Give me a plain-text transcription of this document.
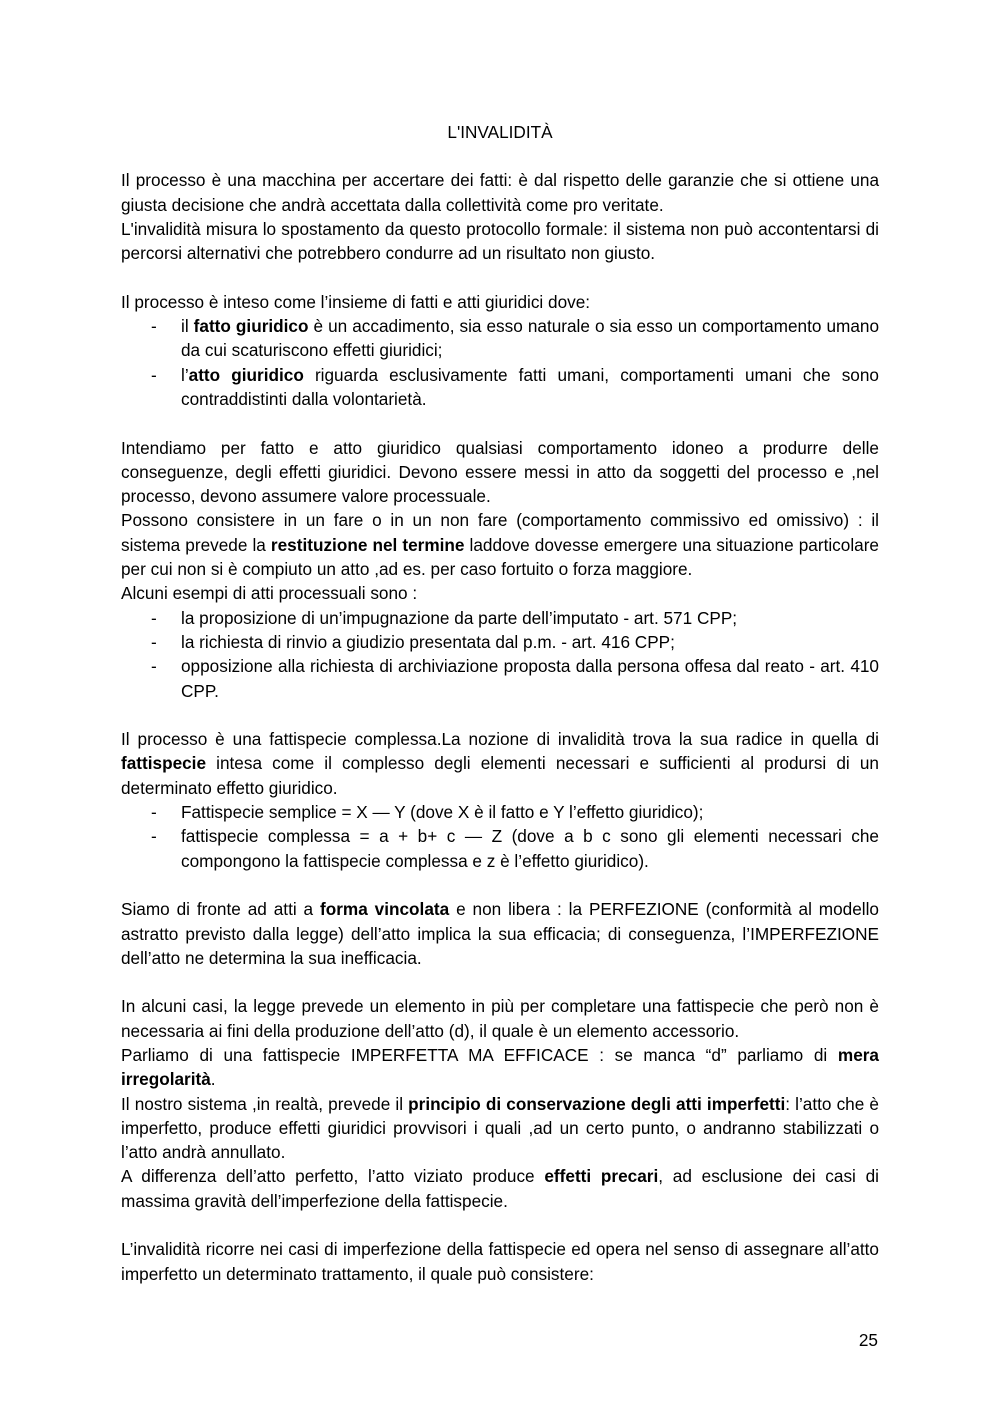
L'INVALIDITÀ

Il processo è una macchina per accertare dei fatti: è dal rispetto delle garanzie che si ottiene una giusta decisione che andrà accettata dalla collettività come pro veritate.

L'invalidità misura lo spostamento da questo protocollo formale: il sistema non può accontentarsi di percorsi alternativi che potrebbero condurre ad un risultato non giusto.

Il processo è inteso come l’insieme di fatti e atti giuridici dove:

- il fatto giuridico è un accadimento, sia esso naturale o sia esso un comportamento umano da cui scaturiscono effetti giuridici;
- l’atto giuridico riguarda esclusivamente fatti umani, comportamenti umani che sono contraddistinti dalla volontarietà.

Intendiamo per fatto e atto giuridico qualsiasi comportamento idoneo a produrre delle conseguenze, degli effetti giuridici. Devono essere messi in atto da soggetti del processo e ,nel processo, devono assumere valore processuale.

Possono consistere in un fare o in un non fare (comportamento commissivo ed omissivo) : il sistema prevede la restituzione nel termine laddove dovesse emergere una situazione particolare per cui non si è compiuto un atto ,ad es. per caso fortuito o forza maggiore.

Alcuni esempi di atti processuali sono :

- la proposizione di un’impugnazione da parte dell’imputato - art. 571 CPP;
- la richiesta di rinvio a giudizio presentata dal p.m. - art. 416 CPP;
- opposizione alla richiesta di archiviazione proposta dalla persona offesa dal reato - art. 410 CPP.

Il processo è una fattispecie complessa.La nozione di invalidità trova la sua radice in quella di fattispecie intesa come il complesso degli elementi necessari e sufficienti al prodursi di un determinato effetto giuridico.

- Fattispecie semplice = X — Y (dove X è il fatto e Y l’effetto giuridico);
- fattispecie complessa = a + b+ c — Z (dove a b c sono gli elementi necessari che compongono la fattispecie complessa e z è l’effetto giuridico).

Siamo di fronte ad atti a forma vincolata e non libera : la PERFEZIONE (conformità al modello astratto previsto dalla legge) dell’atto implica la sua efficacia; di conseguenza, l’IMPERFEZIONE dell’atto ne determina la sua inefficacia.

In alcuni casi, la legge prevede un elemento in più per completare una fattispecie che però non è necessaria ai fini della produzione dell’atto (d), il quale è un elemento accessorio.

Parliamo di una fattispecie IMPERFETTA MA EFFICACE : se manca “d” parliamo di mera irregolarità.

Il nostro sistema ,in realtà, prevede il principio di conservazione degli atti imperfetti: l’atto che è imperfetto, produce effetti giuridici provvisori i quali ,ad un certo punto, o andranno stabilizzati o l’atto andrà annullato.

A differenza dell’atto perfetto, l’atto viziato produce effetti precari, ad esclusione dei casi di massima gravità dell’imperfezione della fattispecie.

L’invalidità ricorre nei casi di imperfezione della fattispecie ed opera nel senso di assegnare all’atto imperfetto un determinato trattamento, il quale può consistere:

25
